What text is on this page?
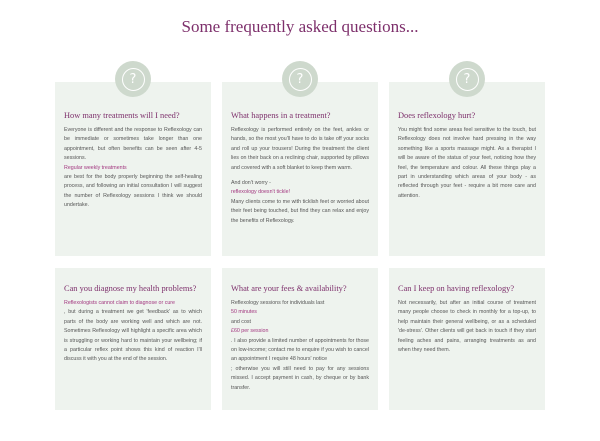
Some frequently asked questions...
How many treatments will I need?

Everyone is different and the response to Reflexology can be immediate or sometimes take longer than one appointment, but often benefits can be seen after 4-5 sessions.

Regular weekly treatments

are best for the body properly beginning the self-healing process, and following an initial consultation I will suggest the number of Reflexology sessions I think we should undertake.

What happens in a treatment?

Reflexology is performed entirely on the feet, ankles or hands, so the most you'll have to do is take off your socks and roll up your trousers! During the treatment the client lies on their back on a reclining chair, supported by pillows and covered with a soft blanket to keep them warm.

And don't worry -

reflexology doesn't tickle!

Many clients come to me with ticklish feet or worried about their feet being touched, but find they can relax and enjoy the benefits of Reflexology.

Does reflexology hurt?

You might find some areas feel sensitive to the touch, but Reflexology does not involve hard pressing in the way something like a sports massage might. As a therapist I will be aware of the status of your feet, noticing how they feel, the temperature and colour. All these things play a part in understanding which areas of your body - as reflected through your feet - require a bit more care and attention.

Can you diagnose my health problems?
Reflexologists cannot claim to diagnose or cure

, but during a treatment we get 'feedback' as to which parts of the body are working well and which are not. Sometimes Reflexology will highlight a specific area which is struggling or working hard to maintain your wellbeing; if a particular reflex point shows this kind of reaction I'll discuss it with you at the end of the session.

What are your fees & availability?

Reflexology sessions for individuals last

50 minutes

and cost

£60 per session

. I also provide a limited number of appointments for those on low-income; contact me to enquire if you wish to cancel an appointment I require 48 hours' notice

; otherwise you will still need to pay for any sessions missed. I accept payment in cash, by cheque or by bank transfer.

Can I keep on having reflexology?

Not necessarily, but after an initial course of treatment many people choose to check in monthly for a top-up, to help maintain their general wellbeing, or as a scheduled 'de-stress'. Other clients will get back in touch if they start feeling aches and pains, arranging treatments as and when they need them.

?	?	?
